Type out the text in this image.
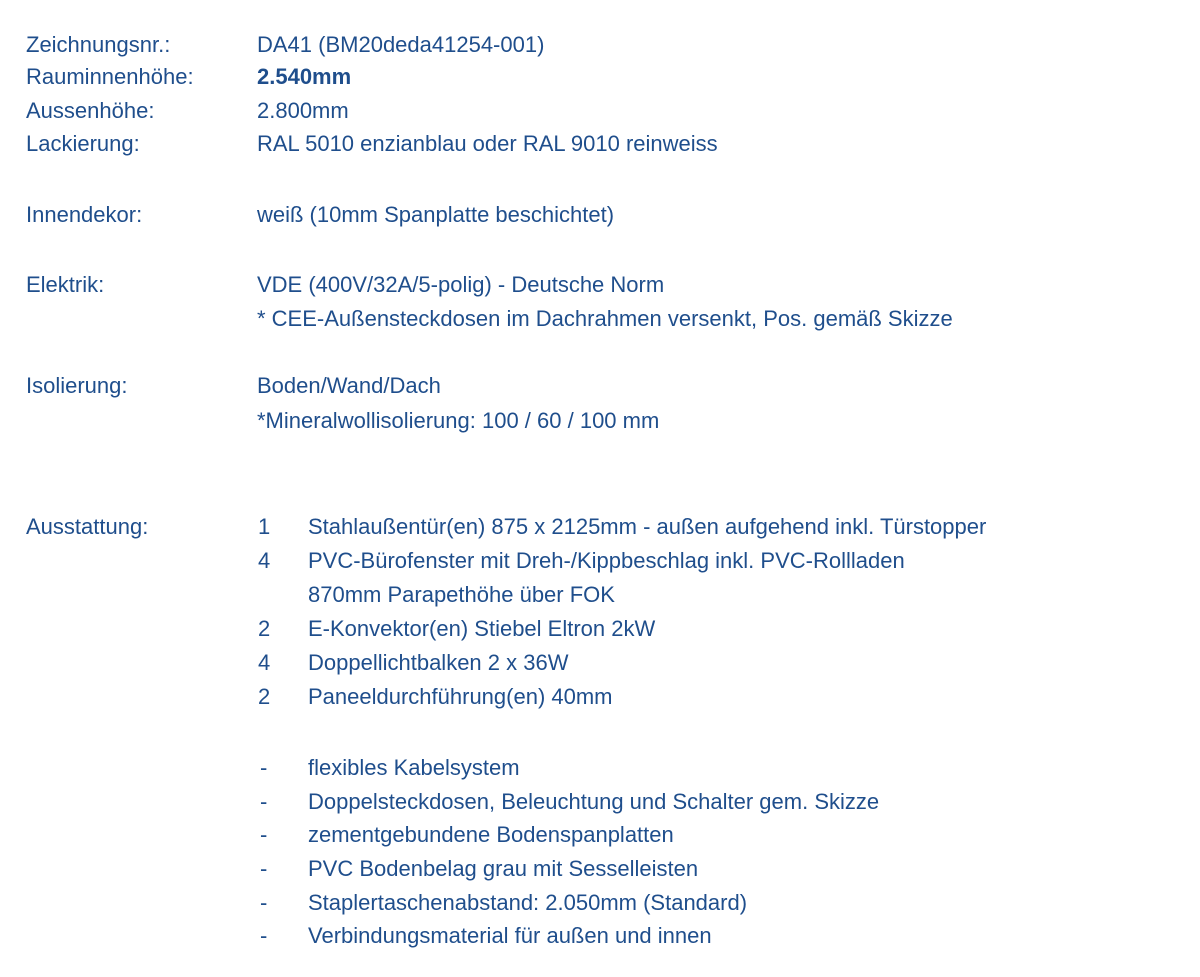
Zeichnungsnr.:	DA41 (BM20deda41254-001)
Rauminnenhöhe:	2.540mm
Aussenhöhe:	2.800mm
Lackierung:	RAL 5010 enzianblau oder RAL 9010 reinweiss
Innendekor:	weiß (10mm Spanplatte beschichtet)
Elektrik:	VDE (400V/32A/5-polig) - Deutsche Norm
* CEE-Außensteckdosen im Dachrahmen versenkt, Pos. gemäß Skizze
Isolierung:	Boden/Wand/Dach
*Mineralwollisolierung: 100 / 60 / 100 mm
Ausstattung:	1 Stahlaußentür(en) 875 x 2125mm - außen aufgehend inkl. Türstopper
4 PVC-Bürofenster mit Dreh-/Kippbeschlag inkl. PVC-Rollladen
870mm Parapethöhe über FOK
2 E-Konvektor(en) Stiebel Eltron 2kW
4 Doppellichtbalken 2 x 36W
2 Paneeldurchführung(en) 40mm
- flexibles Kabelsystem
- Doppelsteckdosen, Beleuchtung und Schalter gem. Skizze
- zementgebundene Bodenspanplatten
- PVC Bodenbelag grau mit Sesselleisten
- Staplertaschenabstand: 2.050mm (Standard)
- Verbindungsmaterial für außen und innen
